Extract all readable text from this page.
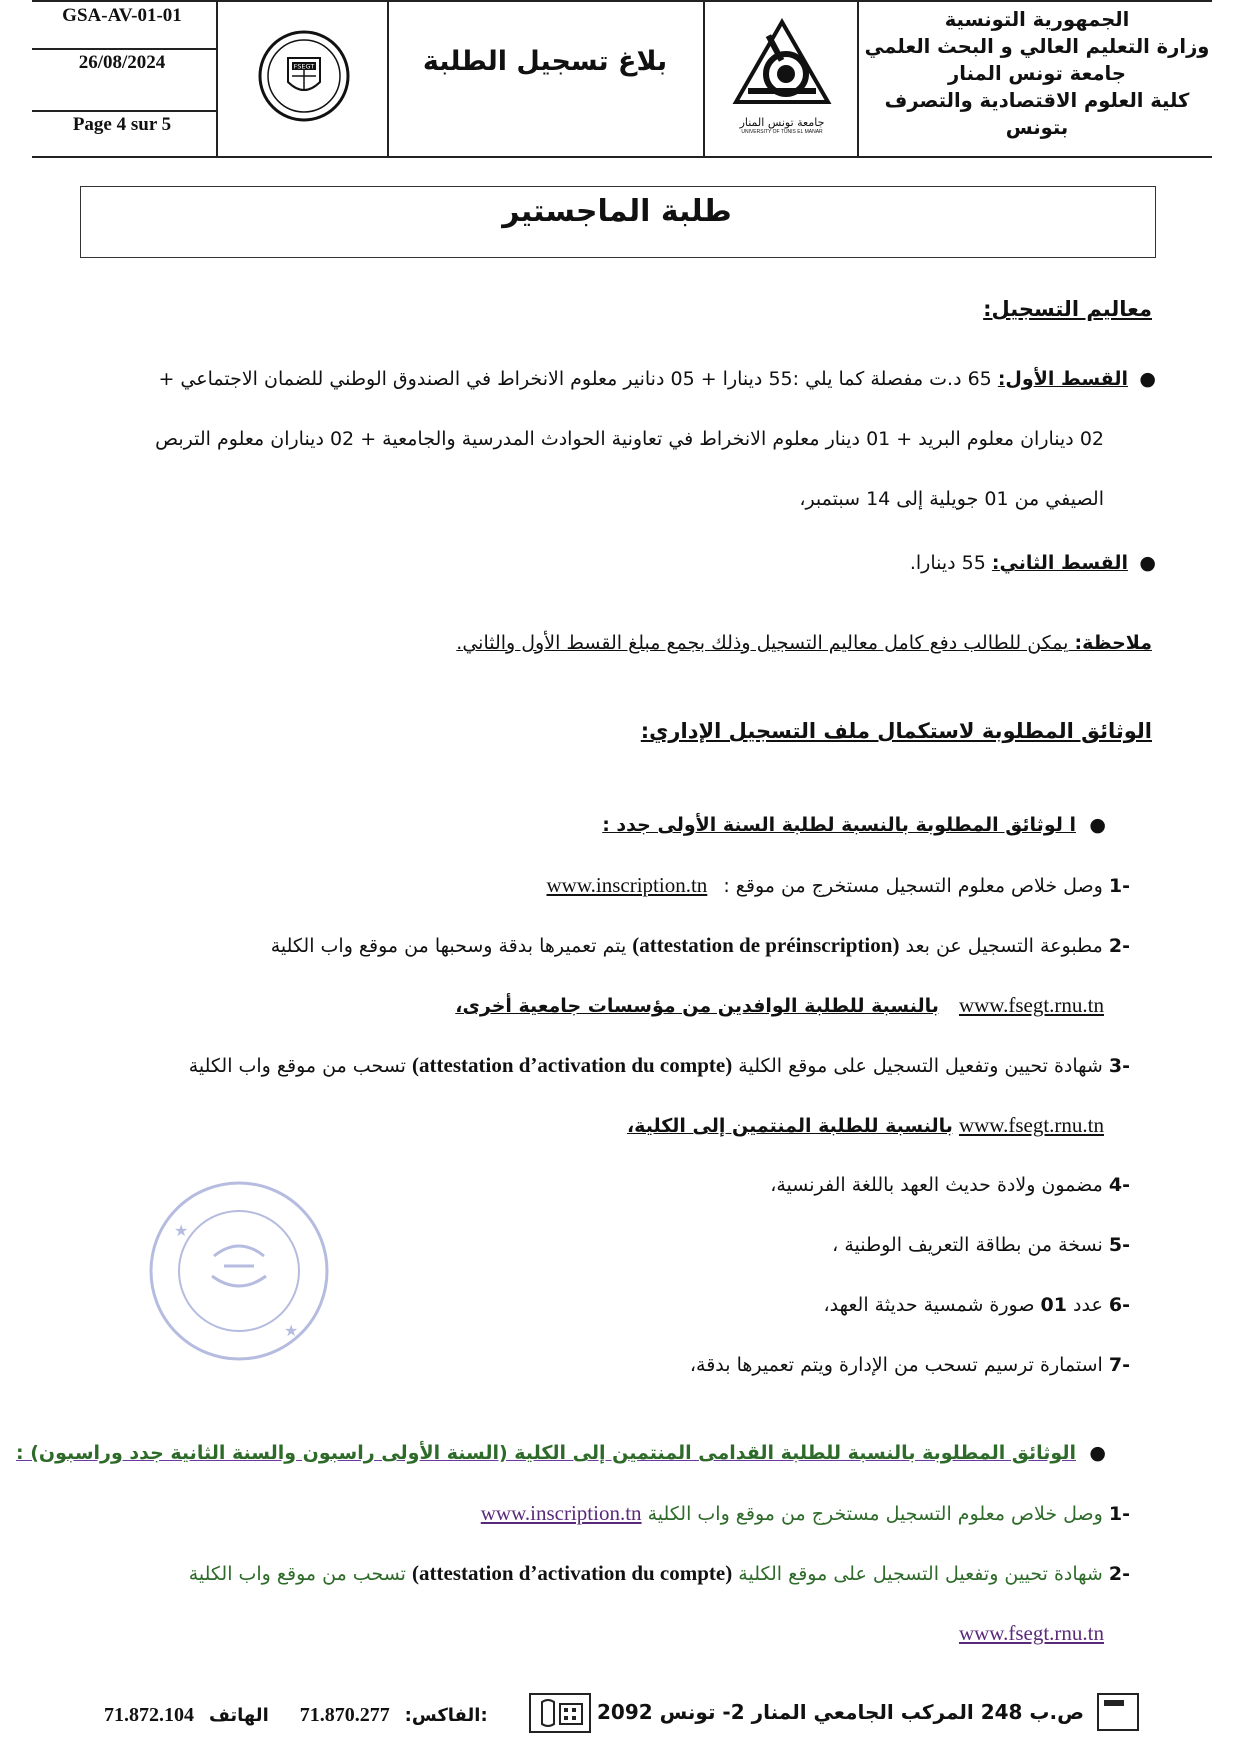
GSA-AV-01-01
26/08/2024
Page 4 sur 5
FSEGT	بلاغ تسجيل الطلبة
جامعة تونس المنار
UNIVERSITY OF TUNIS EL MANAR
الجمهورية التونسية
وزارة التعليم العالي و البحث العلمي
جامعة تونس المنار
كلية العلوم الاقتصادية والتصرف بتونس
طلبة الماجستير
معاليم التسجيل:
●
القسط الأول: 65 د.ت مفصلة كما يلي :55 دينارا + 05 دنانير معلوم الانخراط في الصندوق الوطني للضمان الاجتماعي +
02 ديناران معلوم البريد + 01 دينار معلوم الانخراط في تعاونية الحوادث المدرسية والجامعية + 02 ديناران معلوم التربص
الصيفي من 01 جويلية إلى 14 سبتمبر،
●
القسط الثاني: 55 دينارا.
ملاحظة: يمكن للطالب دفع كامل معاليم التسجيل وذلك بجمع مبلغ القسط الأول والثاني.
الوثائق المطلوبة لاستكمال ملف التسجيل الإداري:
●
ا لوثائق المطلوبة بالنسبة لطلبة السنة الأولى جدد :
-1 وصل خلاص معلوم التسجيل مستخرج من موقع : www.inscription.tn
-2 مطبوعة التسجيل عن بعد (attestation de préinscription) يتم تعميرها بدقة وسحبها من موقع واب الكلية
www.fsegt.rnu.tn بالنسبة للطلبة الوافدين من مؤسسات جامعية أخرى،
-3 شهادة تحيين وتفعيل التسجيل على موقع الكلية (attestation d’activation du compte) تسحب من موقع واب الكلية
www.fsegt.rnu.tn بالنسبة للطلبة المنتمين إلى الكلية،
-4 مضمون ولادة حديث العهد باللغة الفرنسية،
-5 نسخة من بطاقة التعريف الوطنية ،
-6 عدد 01 صورة شمسية حديثة العهد،
-7 استمارة ترسيم تسحب من الإدارة ويتم تعميرها بدقة،
★
★
●
الوثائق المطلوبة بالنسبة للطلبة القدامى المنتمين إلى الكلية (السنة الأولى راسبون والسنة الثانية جدد وراسبون) :
-1 وصل خلاص معلوم التسجيل مستخرج من موقع واب الكلية www.inscription.tn
-2 شهادة تحيين وتفعيل التسجيل على موقع الكلية (attestation d’activation du compte) تسحب من موقع واب الكلية
www.fsegt.rnu.tn
ص.ب 248 المركب الجامعي المنار 2- تونس 2092
71.872.104	الفاكس: 71.870.277 الهاتف:
